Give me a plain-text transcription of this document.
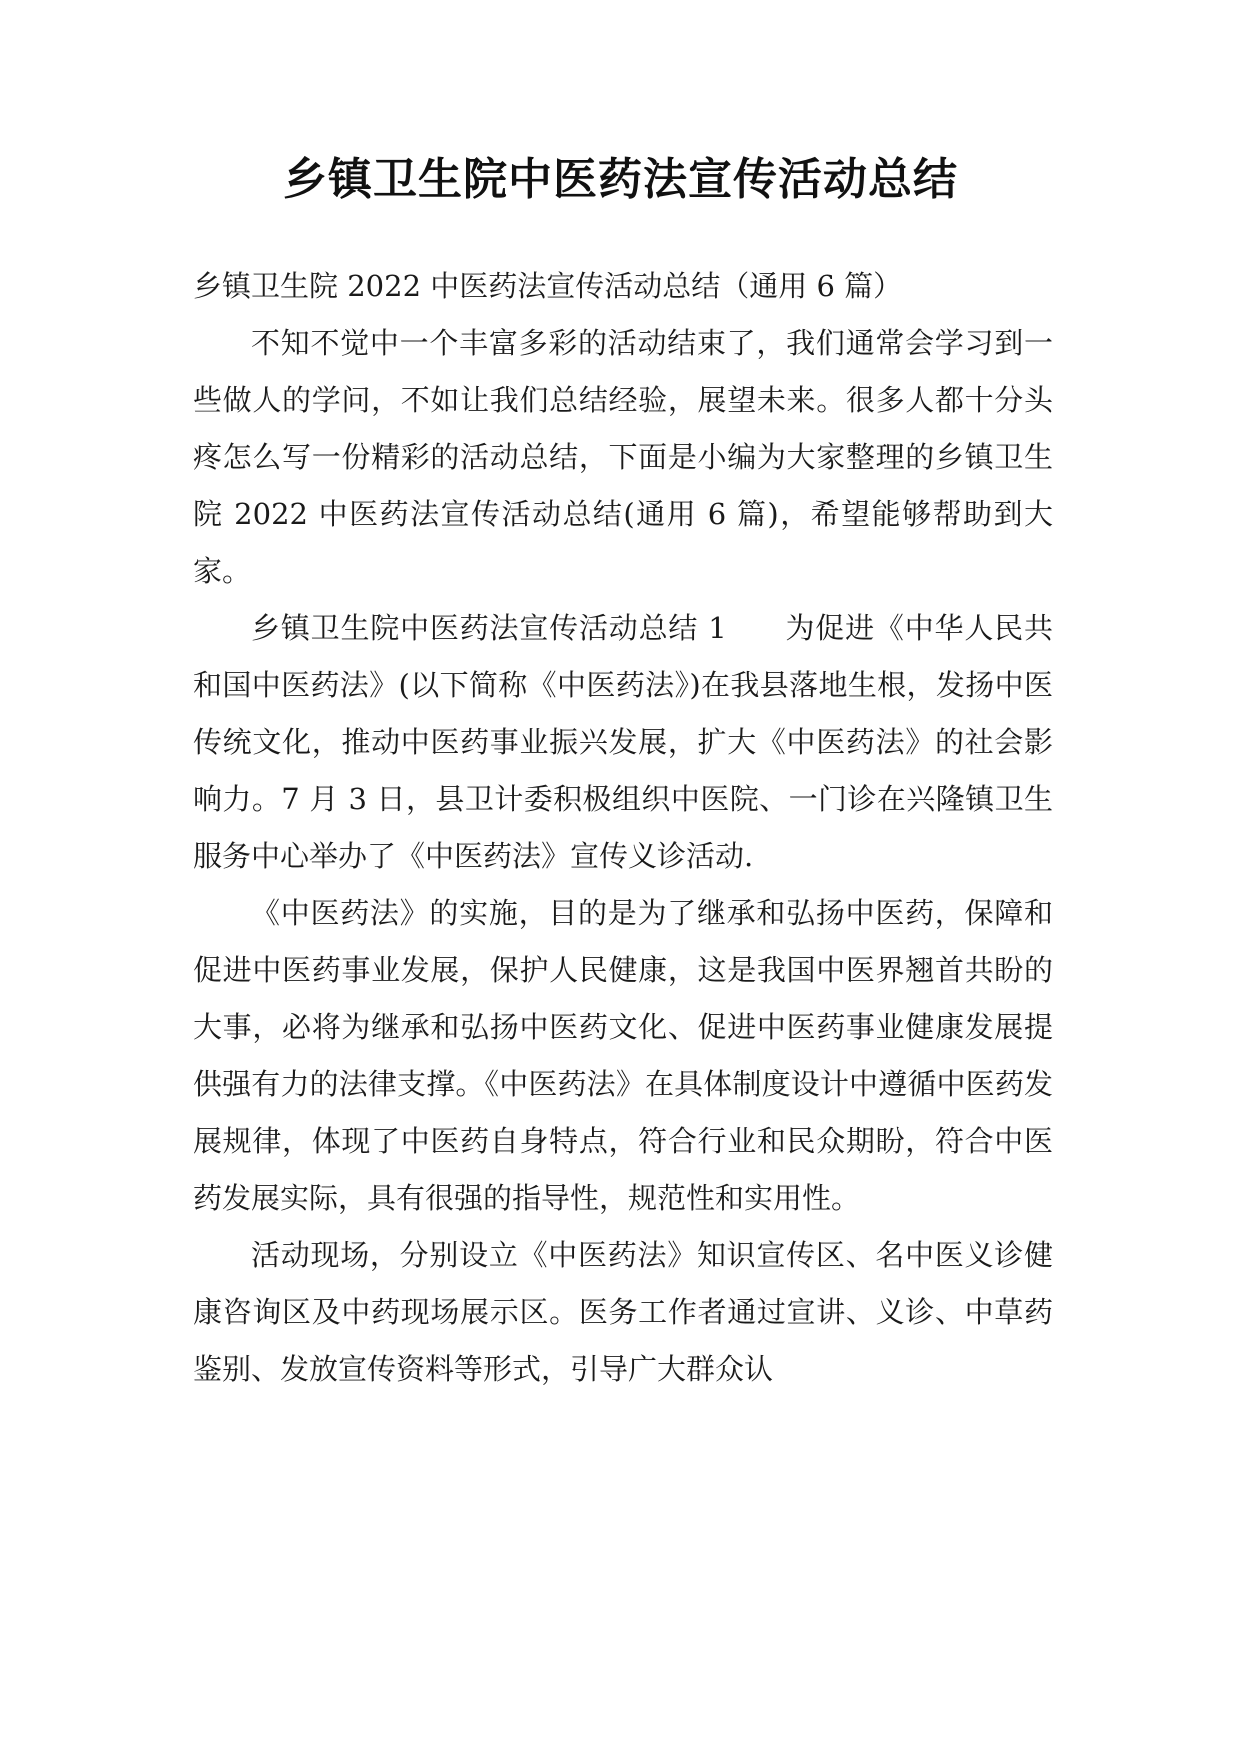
乡镇卫生院中医药法宣传活动总结

乡镇卫生院 2022 中医药法宣传活动总结（通用 6 篇）

不知不觉中一个丰富多彩的活动结束了，我们通常会学习到一些做人的学问，不如让我们总结经验，展望未来。很多人都十分头疼怎么写一份精彩的活动总结，下面是小编为大家整理的乡镇卫生院 2022 中医药法宣传活动总结(通用 6 篇)，希望能够帮助到大家。

乡镇卫生院中医药法宣传活动总结 1 为促进《中华人民共和国中医药法》(以下简称《中医药法》)在我县落地生根，发扬中医传统文化，推动中医药事业振兴发展，扩大《中医药法》的社会影响力。7 月 3 日，县卫计委积极组织中医院、一门诊在兴隆镇卫生服务中心举办了《中医药法》宣传义诊活动.

《中医药法》的实施，目的是为了继承和弘扬中医药，保障和促进中医药事业发展，保护人民健康，这是我国中医界翘首共盼的大事，必将为继承和弘扬中医药文化、促进中医药事业健康发展提供强有力的法律支撑。《中医药法》在具体制度设计中遵循中医药发展规律，体现了中医药自身特点，符合行业和民众期盼，符合中医药发展实际，具有很强的指导性，规范性和实用性。

活动现场，分别设立《中医药法》知识宣传区、名中医义诊健康咨询区及中药现场展示区。医务工作者通过宣讲、义诊、中草药鉴别、发放宣传资料等形式，引导广大群众认
